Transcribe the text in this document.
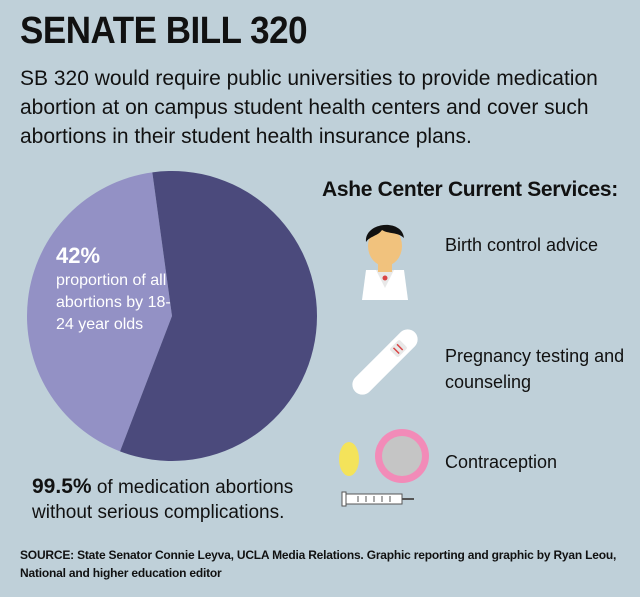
SENATE BILL 320
SB 320 would require public universities to provide medication abortion at on campus student health centers and cover such abortions in their student health insurance plans.
42%
proportion of all abortions by 18-24 year olds
99.5% of medication abortions without serious complications.
Ashe Center Current Services:
Birth control advice
Pregnancy testing and counseling
Contraception
SOURCE: State Senator Connie Leyva, UCLA Media Relations. Graphic reporting and graphic by Ryan Leou, National and higher education editor
